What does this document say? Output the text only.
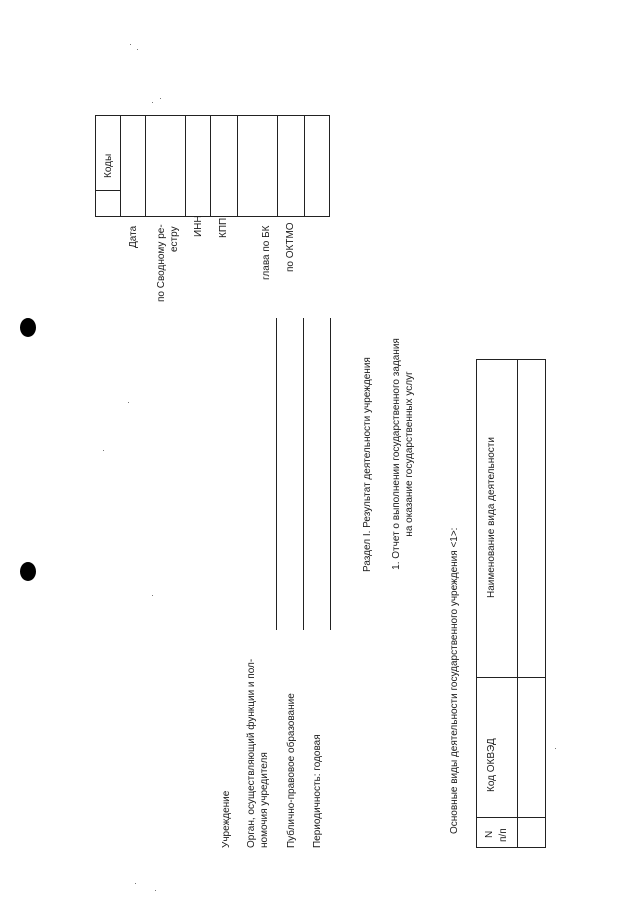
Коды
Дата по Сводному ре- естру
ИНН КПП	глава по БК по ОКТМО
Учреждение Орган, осуществляющий функции и пол- номочия учредителя Публично-правовое образование Периодичность: годовая
Раздел I. Результат деятельности учреждения 1. Отчет о выполнении государственного задания на оказание государственных услуг
Основные виды деятельности государственного учреждения <1>:
N п/п
Код ОКВЭД
Наименование вида деятельности
